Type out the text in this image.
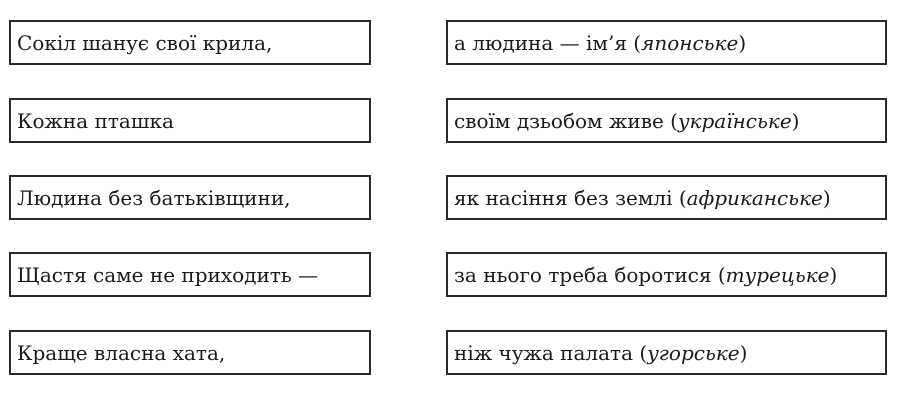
Сокіл шанує свої крила,	а людина — ім’я ( японське )
Кожна пташка	своїм дзьобом живе ( українське )
Людина без батьківщини,	як насіння без землі ( африканське )
Щастя саме не приходить —	за нього треба боротися ( турецьке )
Краще власна хата,	ніж чужа палата ( угорське )
